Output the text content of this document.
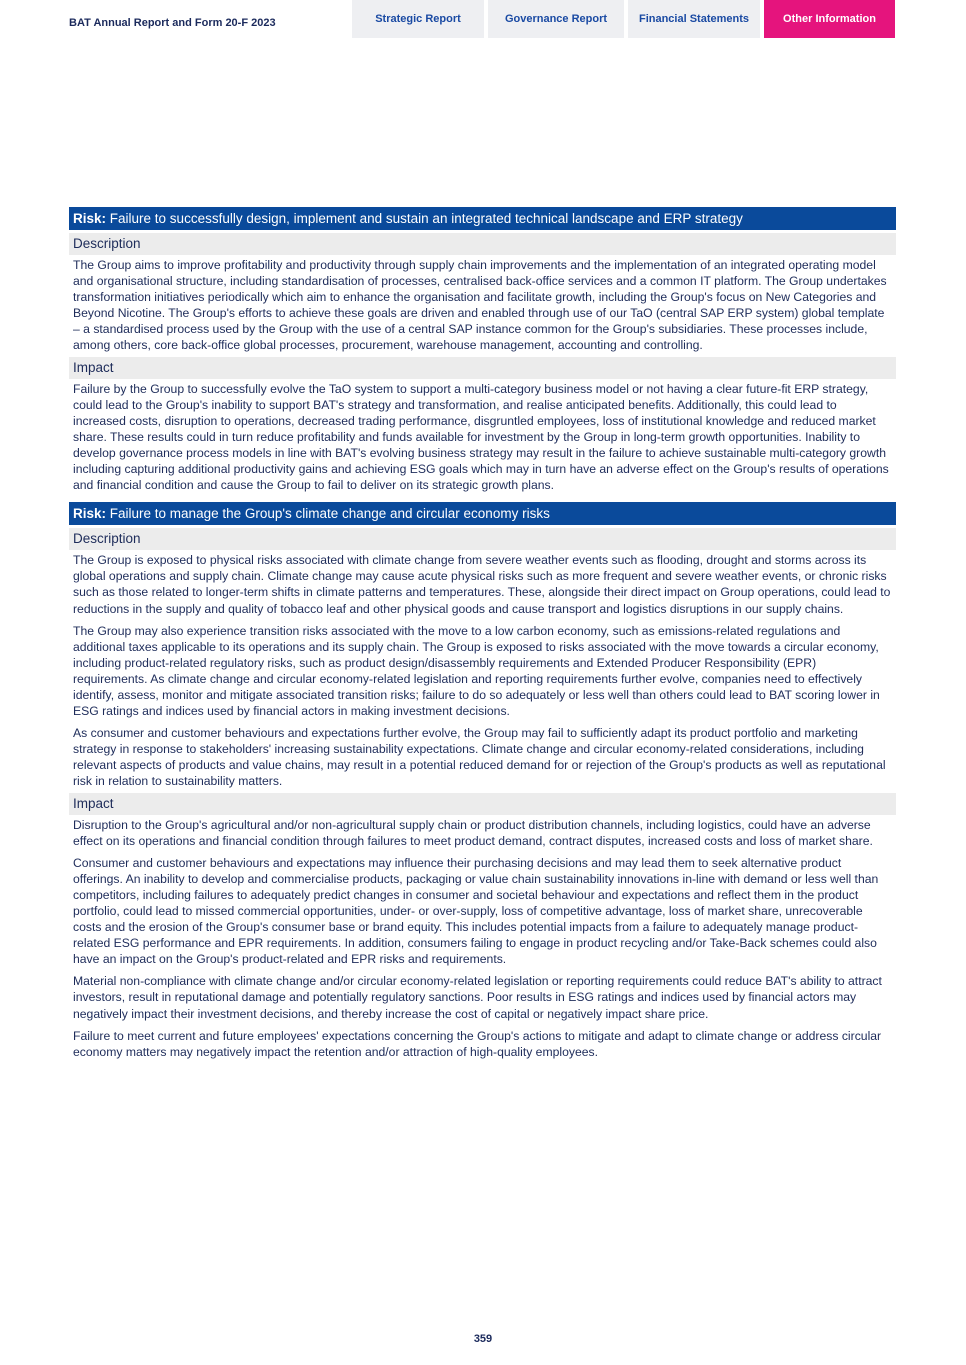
BAT Annual Report and Form 20-F 2023	Strategic Report	Governance Report	Financial Statements	Other Information
Risk: Failure to successfully design, implement and sustain an integrated technical landscape and ERP strategy
Description

The Group aims to improve profitability and productivity through supply chain improvements and the implementation of an integrated operating model and organisational structure, including standardisation of processes, centralised back-office services and a common IT platform. The Group undertakes transformation initiatives periodically which aim to enhance the organisation and facilitate growth, including the Group's focus on New Categories and Beyond Nicotine. The Group's efforts to achieve these goals are driven and enabled through use of our TaO (central SAP ERP system) global template – a standardised process used by the Group with the use of a central SAP instance common for the Group's subsidiaries. These processes include, among others, core back-office global processes, procurement, warehouse management, accounting and controlling.

Impact

Failure by the Group to successfully evolve the TaO system to support a multi-category business model or not having a clear future-fit ERP strategy, could lead to the Group's inability to support BAT's strategy and transformation, and realise anticipated benefits. Additionally, this could lead to increased costs, disruption to operations, decreased trading performance, disgruntled employees, loss of institutional knowledge and reduced market share. These results could in turn reduce profitability and funds available for investment by the Group in long-term growth opportunities. Inability to develop governance process models in line with BAT's evolving business strategy may result in the failure to achieve sustainable multi-category growth including capturing additional productivity gains and achieving ESG goals which may in turn have an adverse effect on the Group's results of operations and financial condition and cause the Group to fail to deliver on its strategic growth plans.

Risk: Failure to manage the Group's climate change and circular economy risks
Description

The Group is exposed to physical risks associated with climate change from severe weather events such as flooding, drought and storms across its global operations and supply chain. Climate change may cause acute physical risks such as more frequent and severe weather events, or chronic risks such as those related to longer-term shifts in climate patterns and temperatures. These, alongside their direct impact on Group operations, could lead to reductions in the supply and quality of tobacco leaf and other physical goods and cause transport and logistics disruptions in our supply chains.

The Group may also experience transition risks associated with the move to a low carbon economy, such as emissions-related regulations and additional taxes applicable to its operations and its supply chain. The Group is exposed to risks associated with the move towards a circular economy, including product-related regulatory risks, such as product design/disassembly requirements and Extended Producer Responsibility (EPR) requirements. As climate change and circular economy-related legislation and reporting requirements further evolve, companies need to effectively identify, assess, monitor and mitigate associated transition risks; failure to do so adequately or less well than others could lead to BAT scoring lower in ESG ratings and indices used by financial actors in making investment decisions.

As consumer and customer behaviours and expectations further evolve, the Group may fail to sufficiently adapt its product portfolio and marketing strategy in response to stakeholders' increasing sustainability expectations. Climate change and circular economy-related considerations, including relevant aspects of products and value chains, may result in a potential reduced demand for or rejection of the Group's products as well as reputational risk in relation to sustainability matters.

Impact

Disruption to the Group's agricultural and/or non-agricultural supply chain or product distribution channels, including logistics, could have an adverse effect on its operations and financial condition through failures to meet product demand, contract disputes, increased costs and loss of market share.

Consumer and customer behaviours and expectations may influence their purchasing decisions and may lead them to seek alternative product offerings. An inability to develop and commercialise products, packaging or value chain sustainability innovations in-line with demand or less well than competitors, including failures to adequately predict changes in consumer and societal behaviour and expectations and reflect them in the product portfolio, could lead to missed commercial opportunities, under- or over-supply, loss of competitive advantage, loss of market share, unrecoverable costs and the erosion of the Group's consumer base or brand equity. This includes potential impacts from a failure to adequately manage product-related ESG performance and EPR requirements. In addition, consumers failing to engage in product recycling and/or Take-Back schemes could also have an impact on the Group's product-related and EPR risks and requirements.

Material non-compliance with climate change and/or circular economy-related legislation or reporting requirements could reduce BAT's ability to attract investors, result in reputational damage and potentially regulatory sanctions. Poor results in ESG ratings and indices used by financial actors may negatively impact their investment decisions, and thereby increase the cost of capital or negatively impact share price.

Failure to meet current and future employees' expectations concerning the Group's actions to mitigate and adapt to climate change or address circular economy matters may negatively impact the retention and/or attraction of high-quality employees.

359
